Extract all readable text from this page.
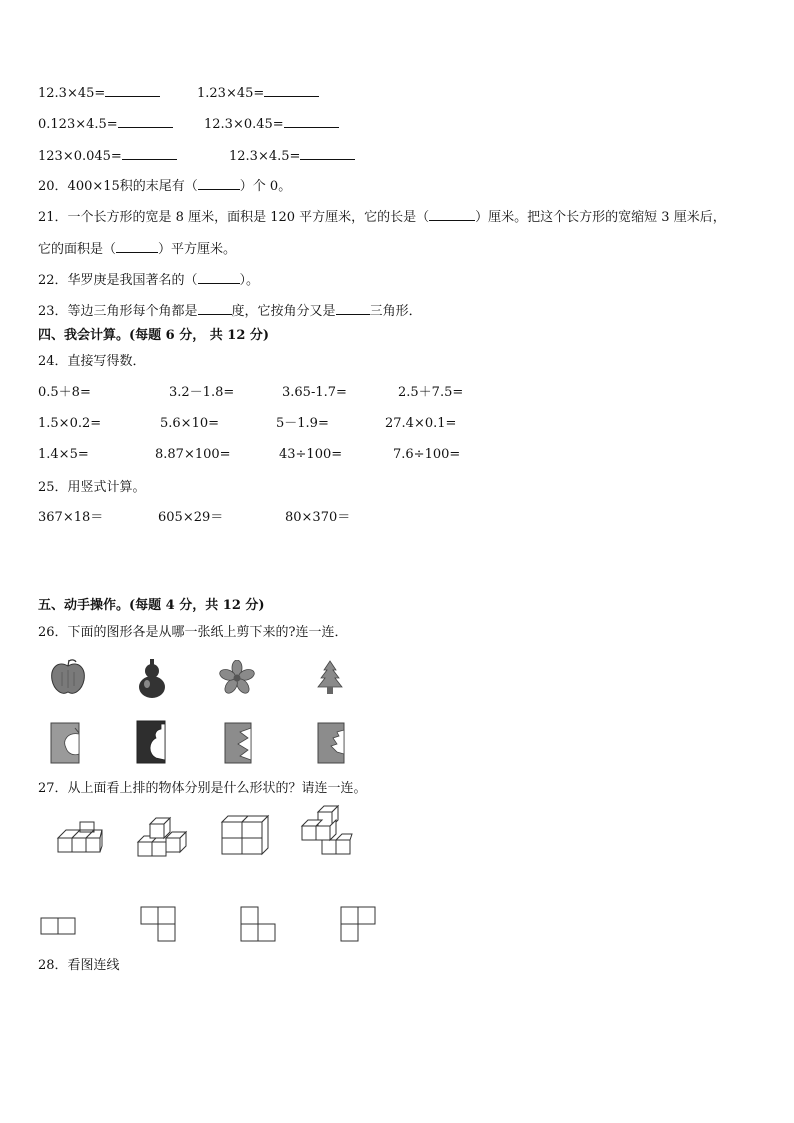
12.3×45=	1.23×45=
0.123×4.5=	12.3×0.45=
123×0.045=	12.3×4.5=
20．400×15积的末尾有（	）个 0。
21．一个长方形的宽是 8 厘米，面积是 120 平方厘米，它的长是（	）厘米。把这个长方形的宽缩短 3 厘米后，
它的面积是（	）平方厘米。
22．华罗庚是我国著名的（	）。
23．等边三角形每个角都是	度，它按角分又是	三角形．
四、我会计算。(每题 6 分， 共 12 分)
24．直接写得数．
0.5＋8=	3.2－1.8=	3.65-1.7=	2.5＋7.5=
1.5×0.2=	5.6×10=	5－1.9=	27.4×0.1=
1.4×5=	8.87×100=	43÷100=	7.6÷100=
25．用竖式计算。
367×18＝	605×29＝	80×370＝
五、动手操作。(每题 4 分，共 12 分)
26．下面的图形各是从哪一张纸上剪下来的?连一连．
27．从上面看上排的物体分别是什么形状的？请连一连。
28．看图连线
